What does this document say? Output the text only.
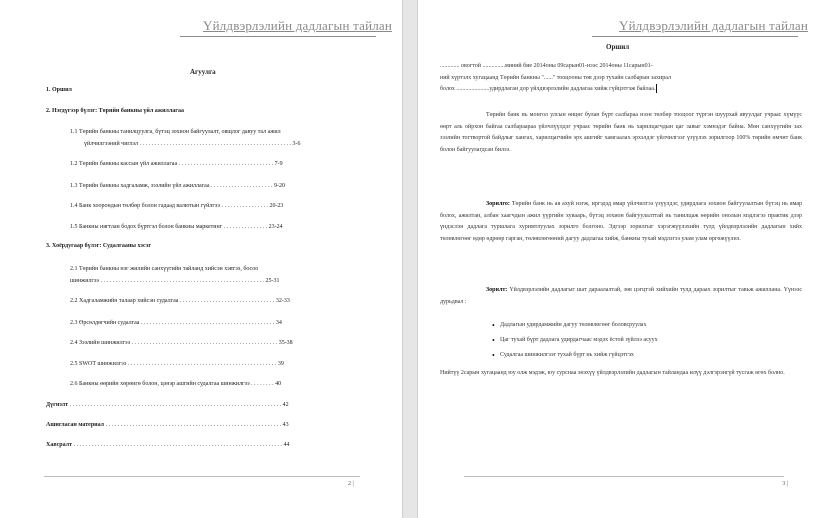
Үйлдвэрлэлийн дадлагын тайлан
Агуулга
1. Оршил
2. Нэгдүгээр бүлэг: Төрийн банкны үйл ажиллагаа
1.1 Төрийн банкны танилцуулга, бүтэц зохион байгуулалт, овщлог давуу тал ажил
үйлчилгээний чиглэл . . . . . . . . . . . . . . . . . . . . . . . . . . . . . . . . . . . . . . . . . . . . . . . . . . . 3-6
1.2 Төрийн банкны кассын үйл ажиллагаа . . . . . . . . . . . . . . . . . . . . . . . . . . . . . . . . 7-9
1.3 Төрийн банкны хадгаламж, зээлийн үйл ажиллагаа . . . . . . . . . . . . . . . . . . . . . 9-20
1.4 Банк хоорондын төлбөр болон гадаад валютын гүйлгээ . . . . . . . . . . . . . . . . 20-23
1.5 Банкны нягтлан бодох бүртгэл болон банкны маркетинг . . . . . . . . . . . . . . . 23-24
3. Хоёрдугаар бүлэг: Судалгааны хэсэг
2.1 Төрийн банкны нэг жилийн санхүүгийн тайланд хийсэн хэвтээ, босоо
шинжилгээ . . . . . . . . . . . . . . . . . . . . . . . . . . . . . . . . . . . . . . . . . . . . . . . . . . . . . . . 25-31
2.2 Хадгаламжийн талаар хийсэн судалгаа . . . . . . . . . . . . . . . . . . . . . . . . . . . . . . . . 32-33
2.3 Өрсөлдөгчийн судалгаа . . . . . . . . . . . . . . . . . . . . . . . . . . . . . . . . . . . . . . . . . . . . . 34
2.4 Зээлийн шинжилгээ . . . . . . . . . . . . . . . . . . . . . . . . . . . . . . . . . . . . . . . . . . . . . . . . . 35-38
2.5 SWOT шинжилгээ . . . . . . . . . . . . . . . . . . . . . . . . . . . . . . . . . . . . . . . . . . . . . . . . . . 39
2.6 Банкны өөрийн хөрөнгө болон, цэнэр ашгийн судалгаа шинжилгээ . . . . . . . . 40
Дүгнэлт . . . . . . . . . . . . . . . . . . . . . . . . . . . . . . . . . . . . . . . . . . . . . . . . . . . . . . . . . . . . . . . . . . . . . . . 42
Ашигласан материал . . . . . . . . . . . . . . . . . . . . . . . . . . . . . . . . . . . . . . . . . . . . . . . . . . . . . . . . . . . 43
Хавсралт . . . . . . . . . . . . . . . . . . . . . . . . . . . . . . . . . . . . . . . . . . . . . . . . . . . . . . . . . . . . . . . . . . . . . . 44
2 |
Үйлдвэрлэлийн дадлагын тайлан
Оршил
............. овогтой ...............миний бие 2014оны 09сарын01-нээс 2014оны 11сарын01-
ний хүртэлх хугацаанд Төрийн банкны "......" тооцооны төв дээр тухайн салбарын захирал
болох ......................удирдлаган дор үйлдвэрлэлийн дадлагаа хийж гүйцэтгэж байлаа.
Төрийн банк нь монгол улсын өнцөг булан бүрт салбараа нээн төлбөр тооцоог түргэн шуурхай явуулдаг учраас хүмүүс өөрт аль ойрхон байгаа салбараараа үйлчлүүлдэг учраас төрийн банк нь харилцагчдын цаг завыг хэмнэдэг байна. Мөн санхүүгийн зах зээлийн тогтвортой байдлыг хангах, харилцагчийн эрх ашгийг хамгаалах эрхэлдэг үйлчилгээг үзүүлэх зорилгоор 100% төрийн өмчит банк болон байгуулагдсан билээ.
Зорилго: Төрийн банк нь ая ахуй нэгж, иргэдэд ямар үйлчилгээ үзүүлдэг, удирдлага зохион байгуулалтын бүтэц нь ямар болох, ажилтан, албан хаагчдын ажил үүргийн хуваарь, бүтэц зохион байгуулалттай нь танилцаж өөрийн онолын мэдлэгээ практик дээр үндэслэн дадлага туршлага хуримтлуулах зорилго болгоно. Эдгээр зорилгыг хэрэгжүүлэхийн тулд үйлдвэрлэлийн дадлагын хийх төлөвлөгөөг өдөр өдрөөр гарган, төлөвлөгөөний дагуу дадлагаа хийж, банкны тухай мэдлэгээ улам улам өргөжүүлнэ.
Зорилт: Үйлдвэрлэлийн дадлагыг шат дараалалтай, зөв цэгцтэй хийхийн тулд дараах зорилтыг тавьж ажиллана. Үүнээс дурьдвал :
• Дадлагын удирдамжийн дагуу төлөвлөгөөг боловсруулах
• Цаг тухай бүрт дадлага удирдагчаас мэдэх ёстой зүйлээ асуух
• Судалгаа шинжилгээг тухай бүрт нь хийж гүйцэтгэх
Нийтүү 2сарын хугацаанд юу олж мэдэж, юу сурснаа энэхүү үйлдвэрлэлийн дадлагын тайландаа илүү дэлгэрэнгүй тусгаж өгөх болно.
3 |
